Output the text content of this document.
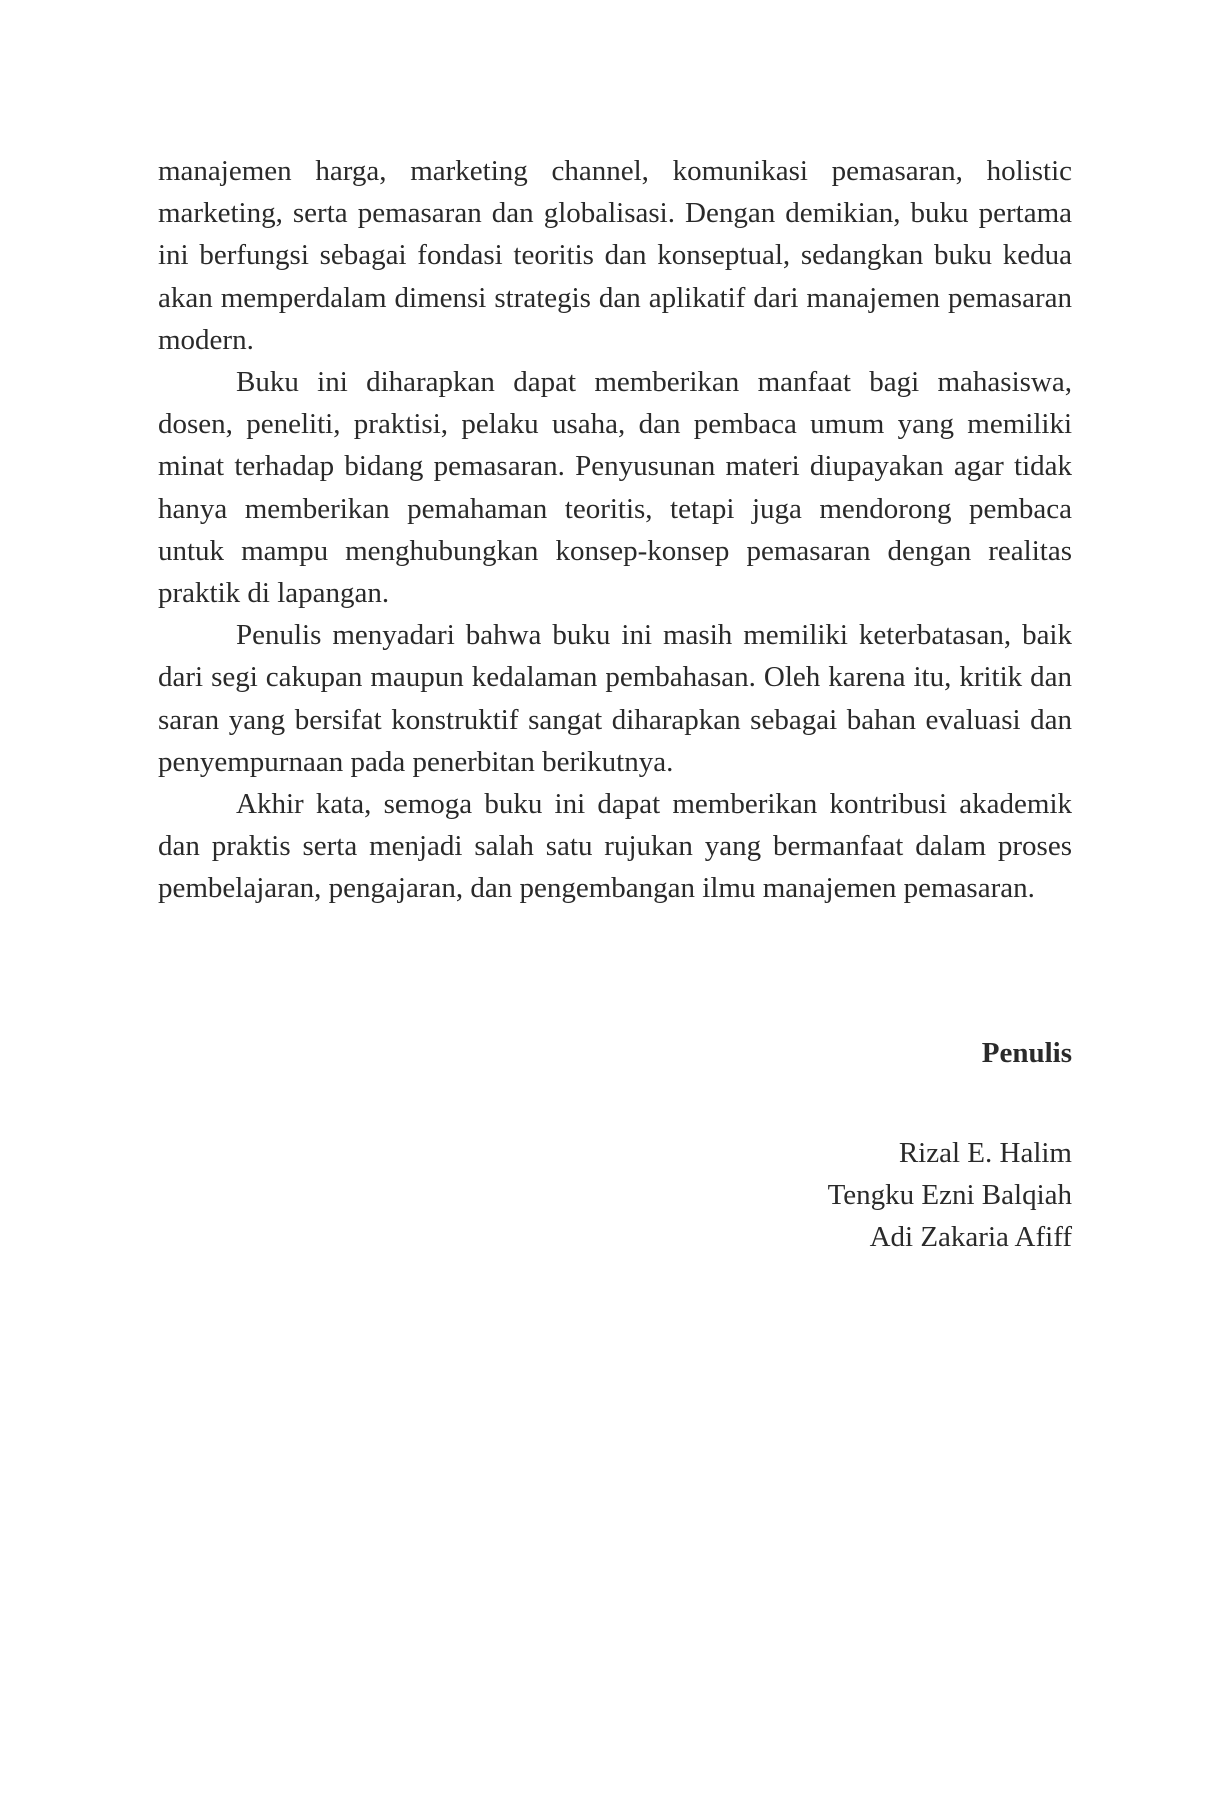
manajemen harga, marketing channel, komunikasi pemasaran, holistic marketing, serta pemasaran dan globalisasi. Dengan demikian, buku pertama ini berfungsi sebagai fondasi teoritis dan konseptual, sedangkan buku kedua akan memperdalam dimensi strategis dan aplikatif dari manajemen pemasaran modern.

Buku ini diharapkan dapat memberikan manfaat bagi mahasiswa, dosen, peneliti, praktisi, pelaku usaha, dan pembaca umum yang memiliki minat terhadap bidang pemasaran. Penyusunan materi diupayakan agar tidak hanya memberikan pemahaman teoritis, tetapi juga mendorong pembaca untuk mampu menghubungkan konsep-konsep pemasaran dengan realitas praktik di lapangan.

Penulis menyadari bahwa buku ini masih memiliki keterbatasan, baik dari segi cakupan maupun kedalaman pembahasan. Oleh karena itu, kritik dan saran yang bersifat konstruktif sangat diharapkan sebagai bahan evaluasi dan penyempurnaan pada penerbitan berikutnya.

Akhir kata, semoga buku ini dapat memberikan kontribusi akademik dan praktis serta menjadi salah satu rujukan yang bermanfaat dalam proses pembelajaran, pengajaran, dan pengembangan ilmu manajemen pemasaran.

Penulis
Rizal E. Halim
Tengku Ezni Balqiah
Adi Zakaria Afiff
